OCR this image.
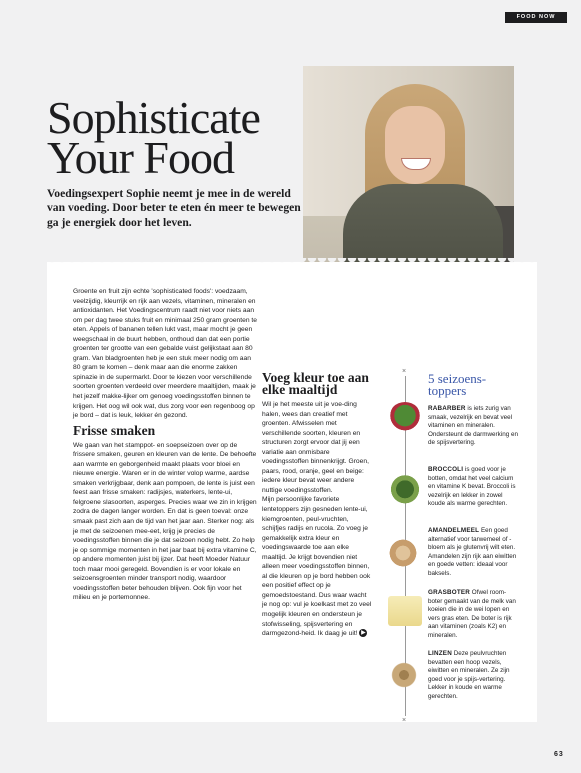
FOOD NOW
Sophisticate
Your Food

Voedingsexpert Sophie neemt je mee in de wereld van voeding. Door beter te eten én meer te bewegen ga je energiek door het leven.

Groente en fruit zijn echte 'sophisticated foods': voedzaam, veelzijdig, kleurrijk en rijk aan vezels, vitaminen, mineralen en antioxidanten. Het Voedingscentrum raadt niet voor niets aan om per dag twee stuks fruit en minimaal 250 gram groenten te eten. Appels of bananen tellen lukt vast, maar mocht je geen weegschaal in de buurt hebben, onthoud dan dat een portie groenten ter grootte van een gebalde vuist gelijkstaat aan 80 gram. Van bladgroenten heb je een stuk meer nodig om aan 80 gram te komen – denk maar aan die enorme zakken spinazie in de supermarkt. Door te kiezen voor verschillende soorten groenten verdeeld over meerdere maaltijden, maak je het jezelf makke-lijker om genoeg voedingsstoffen binnen te krijgen. Het oog wil ook wat, dus zorg voor een regenboog op je bord – dat is leuk, lekker én gezond.

Frisse smaken

We gaan van het stamppot- en soepseizoen over op de frissere smaken, geuren en kleuren van de lente. De behoefte aan warmte en geborgenheid maakt plaats voor bloei en nieuwe energie. Waren er in de winter volop warme, aardse smaken verkrijgbaar, denk aan pompoen, de lente is juist een feest aan frisse smaken: radijsjes, waterkers, lente-ui, felgroene slasoorten, asperges. Precies waar we zin in krijgen zodra de dagen langer worden. En dat is geen toeval: onze smaak past zich aan de tijd van het jaar aan. Sterker nog: als je met de seizoenen mee-eet, krijg je precies de voedingsstoffen binnen die je dat seizoen nodig hebt. Zo help je op sommige momenten in het jaar baat bij extra vitamine C, op andere momenten juist bij ijzer. Dat heeft Moeder Natuur toch maar mooi geregeld. Bovendien is er voor lokale en seizoensgroenten minder transport nodig, waardoor voedingsstoffen beter behouden blijven. Ook fijn voor het milieu en je portemonnee.

Voeg kleur toe aan elke maaltijd

Wil je het meeste uit je voe-ding halen, wees dan creatief met groenten. Afwisselen met verschillende soorten, kleuren en structuren zorgt ervoor dat jij een variatie aan onmisbare voedingsstoffen binnenkrijgt. Groen, paars, rood, oranje, geel en beige: iedere kleur bevat weer andere nuttige voedingsstoffen.

Mijn persoonlijke favoriete lentetoppers zijn gesneden lente-ui, kiemgroenten, peul-vruchten, schijfjes radijs en rucola. Zo voeg je gemakkelijk extra kleur en voedingswaarde toe aan elke maaltijd. Je krijgt bovendien niet alleen meer voedingsstoffen binnen, al die kleuren op je bord hebben ook een positief effect op je gemoedstoestand. Dus waar wacht je nog op: vul je koelkast met zo veel mogelijk kleuren en ondersteun je stofwisseling, spijsvertering en darmgezond-heid. Ik daag je uit! ▶

× ×
5 seizoens-
toppers
RABARBER is iets zurig van smaak, vezelrijk en bevat veel vitaminen en mineralen. Ondersteunt de darmwerking en de spijsvertering.
BROCCOLI is goed voor je botten, omdat het veel calcium en vitamine K bevat. Broccoli is vezelrijk en lekker in zowel koude als warme gerechten.
AMANDELMEEL Een goed alternatief voor tarwemeel of -bloem als je glutenvrij wilt eten. Amandelen zijn rijk aan eiwitten en goede vetten: ideaal voor baksels.
GRASBOTER Ofwel room-boter gemaakt van de melk van koeien die in de wei lopen en vers gras eten. De boter is rijk aan vitaminen (zoals K2) en mineralen.
LINZEN Deze peulvruchten bevatten een hoop vezels, eiwitten en mineralen. Ze zijn goed voor je spijs-vertering. Lekker in koude en warme gerechten.
63
